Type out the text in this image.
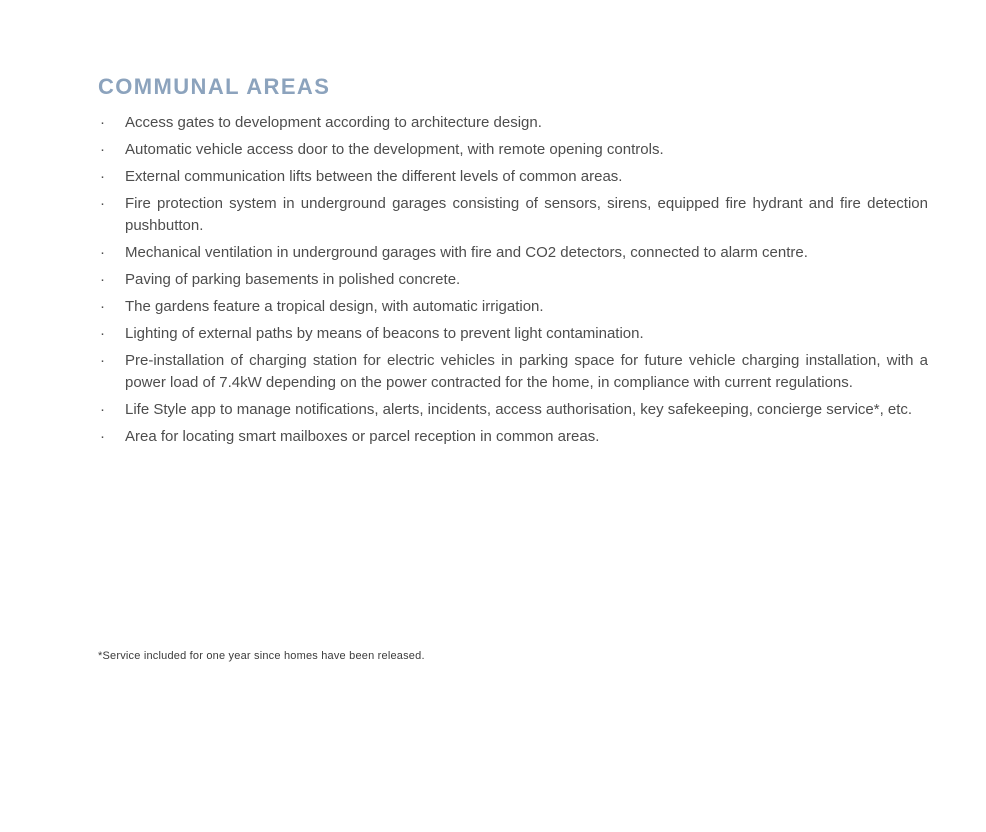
COMMUNAL AREAS
·	Access gates to development according to architecture design.
·	Automatic vehicle access door to the development, with remote opening controls.
·	External communication lifts between the different levels of common areas.
·	Fire protection system in underground garages consisting of sensors, sirens, equipped fire hydrant and fire detection pushbutton.
·	Mechanical ventilation in underground garages with fire and CO2 detectors, connected to alarm centre.
·	Paving of parking basements in polished concrete.
·	The gardens feature a tropical design, with automatic irrigation.
·	Lighting of external paths by means of beacons to prevent light contamination.
·	Pre-installation of charging station for electric vehicles in parking space for future vehicle charging installation, with a power load of 7.4kW depending on the power contracted for the home, in compliance with current regulations.
·	Life Style app to manage notifications, alerts, incidents, access authorisation, key safekeeping, concierge service*, etc.
·	Area for locating smart mailboxes or parcel reception in common areas.
*Service included for one year since homes have been released.
